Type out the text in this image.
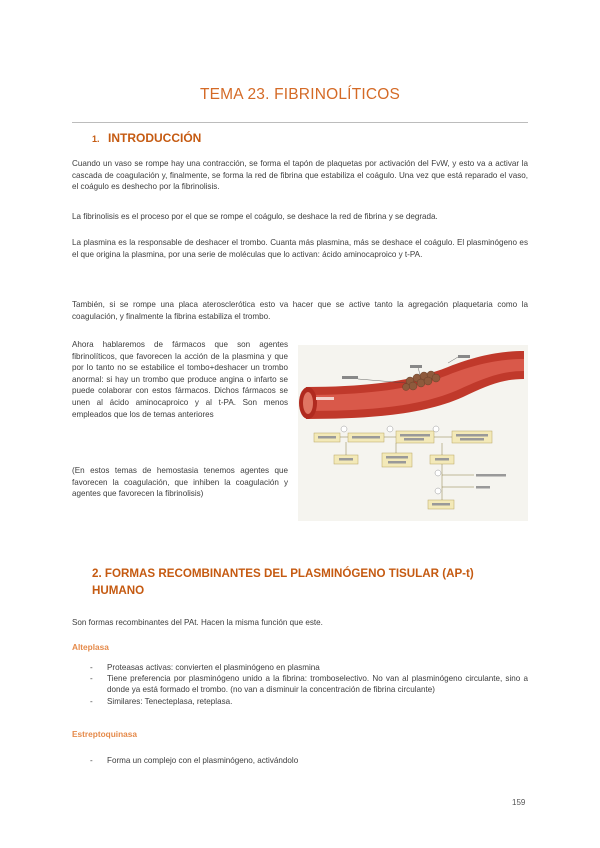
TEMA 23. FIBRINOLÍTICOS
1. INTRODUCCIÓN
Cuando un vaso se rompe hay una contracción, se forma el tapón de plaquetas por activación del FvW, y esto va a activar la cascada de coagulación y, finalmente, se forma la red de fibrina que estabiliza el coágulo. Una vez que está reparado el vaso, el coágulo es deshecho por la fibrinolisis.
La fibrinolisis es el proceso por el que se rompe el coágulo, se deshace la red de fibrina y se degrada.
La plasmina es la responsable de deshacer el trombo. Cuanta más plasmina, más se deshace el coágulo. El plasminógeno es el que origina la plasmina, por una serie de moléculas que lo activan: ácido aminocaproico y t-PA.
También, si se rompe una placa aterosclerótica esto va hacer que se active tanto la agregación plaquetaria como la coagulación, y finalmente la fibrina estabiliza el trombo.
Ahora hablaremos de fármacos que son agentes fibrinolíticos, que favorecen la acción de la plasmina y que por lo tanto no se estabilice el tombo+deshacer un trombo anormal: si hay un trombo que produce angina o infarto se puede colaborar con estos fármacos. Dichos fármacos se unen al ácido aminocaproico y al t-PA. Son menos empleados que los de temas anteriores
(En estos temas de hemostasia tenemos agentes que favorecen la coagulación, que inhiben la coagulación y agentes que favorecen la fibrinolisis)
2. FORMAS RECOMBINANTES DEL PLASMINÓGENO TISULAR (AP-t) HUMANO
Son formas recombinantes del PAt. Hacen la misma función que este.
Alteplasa
- Proteasas activas: convierten el plasminógeno en plasmina
- Tiene preferencia por plasminógeno unido a la fibrina: tromboselectivo. No van al plasminógeno circulante, sino a donde ya está formado el trombo. (no van a disminuir la concentración de fibrina circulante)
- Similares: Tenecteplasa, reteplasa.
Estreptoquinasa
- Forma un complejo con el plasminógeno, activándolo
159
